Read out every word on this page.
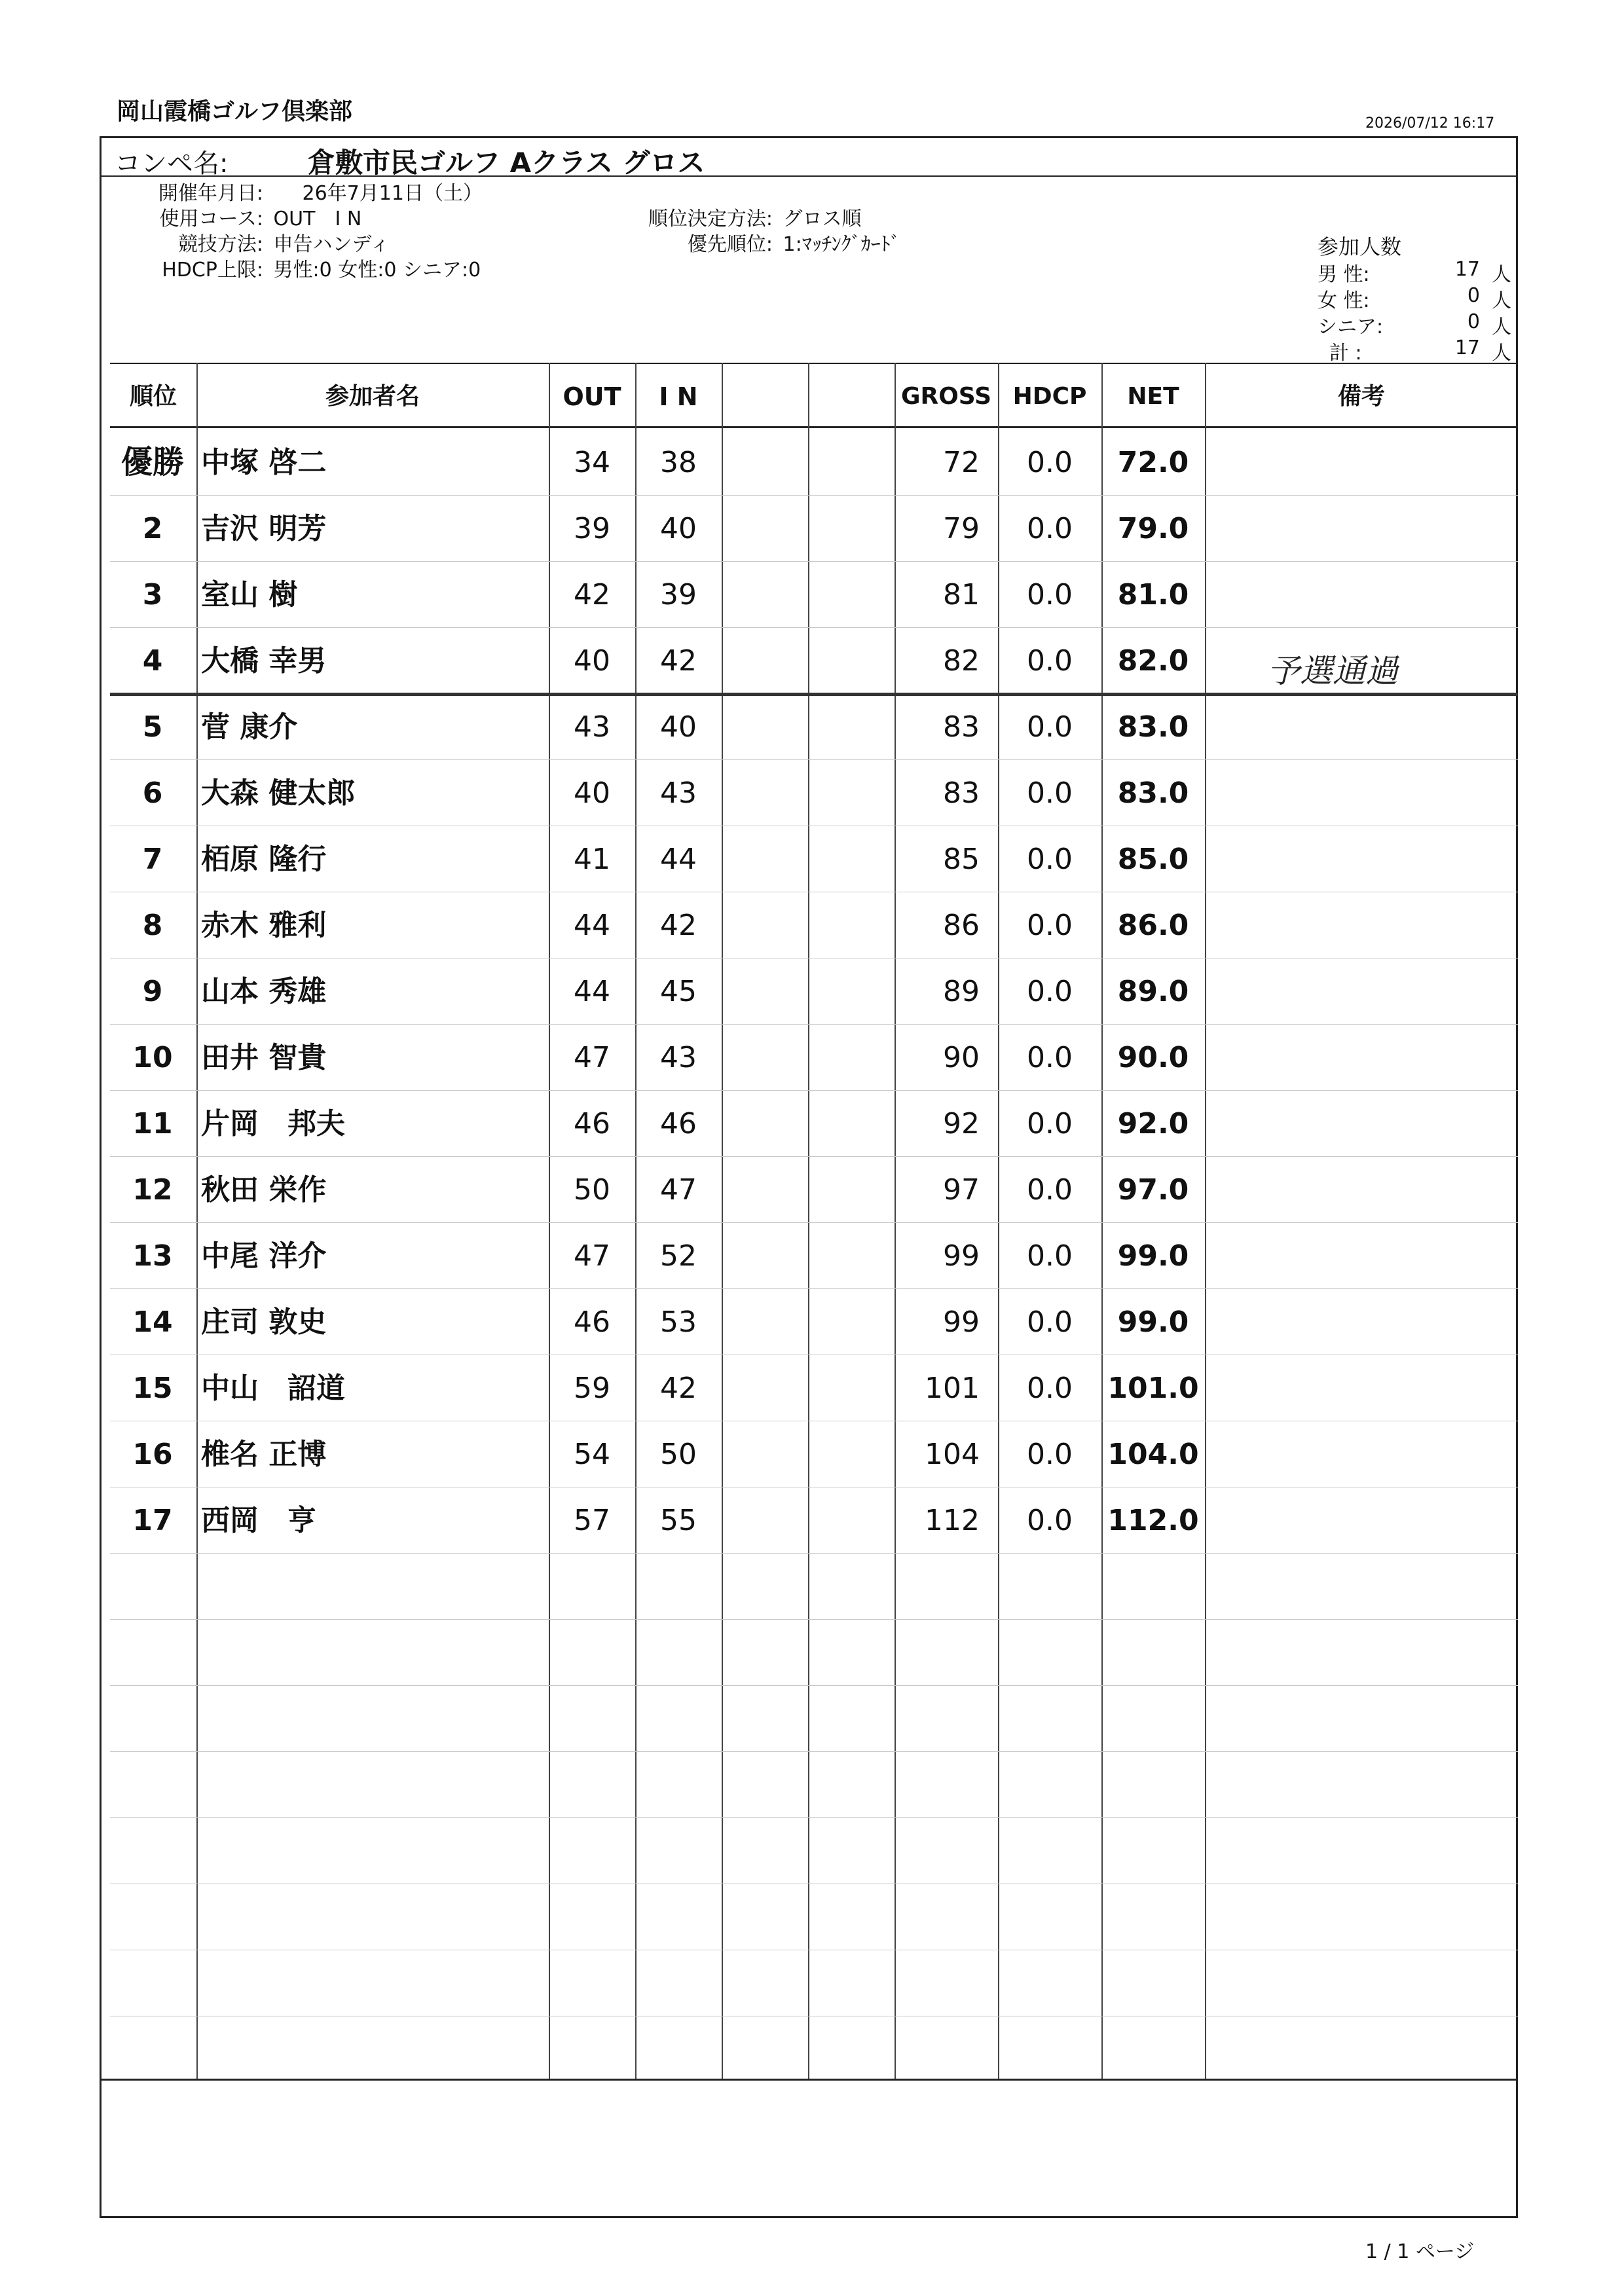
岡山霞橋ゴルフ倶楽部	2026/07/12 16:17
コンペ名:	倉敷市民ゴルフ Aクラス グロス
開催年月日: 26年7月11日（土）
使用コース: OUT　I N
競技方法: 申告ハンディ
HDCP上限: 男性:0 女性:0 シニア:0
順位決定方法: グロス順
優先順位: 1:ﾏｯﾁﾝｸﾞｶｰﾄﾞ	参加人数
男 性:	17 人
女 性:	0 人
シニア:	0 人
計 :	17 人
順位	参加者名	OUT	I N	GROSS HDCP	NET	備考
優勝 中塚 啓二	34	38	72	0.0	72.0
2	吉沢 明芳	39	40	79	0.0	79.0
3	室山 樹	42	39	81	0.0	81.0
4	大橋 幸男	40	42	82	0.0	82.0	予選通過
5	菅 康介	43	40	83	0.0	83.0
6	大森 健太郎	40	43	83	0.0	83.0
7	栢原 隆行	41	44	85	0.0	85.0
8	赤木 雅利	44	42	86	0.0	86.0
9	山本 秀雄	44	45	89	0.0	89.0
10 田井 智貴	47	43	90	0.0	90.0
11 片岡　邦夫	46	46	92	0.0	92.0
12 秋田 栄作	50	47	97	0.0	97.0
13 中尾 洋介	47	52	99	0.0	99.0
14 庄司 敦史	46	53	99	0.0	99.0
15 中山　詔道	59	42	101	0.0	101.0
16 椎名 正博	54	50	104	0.0	104.0
17 西岡　亨	57	55	112	0.0	112.0
1 / 1 ページ
